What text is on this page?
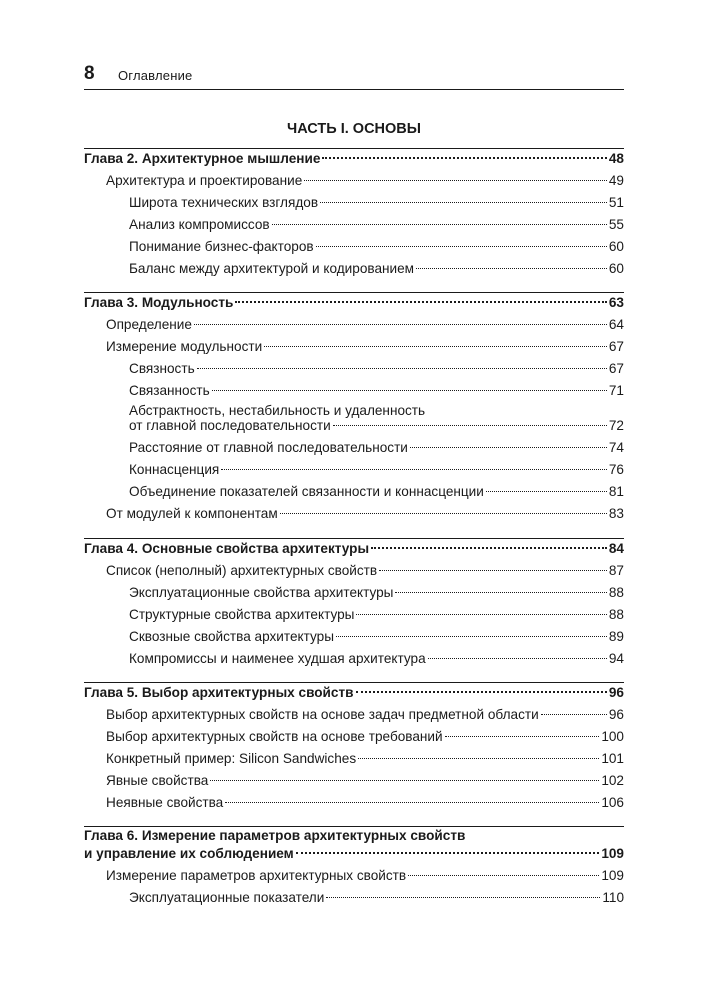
8 Оглавление
ЧАСТЬ I. ОСНОВЫ
Глава 2. Архитектурное мышление	48
Архитектура и проектирование	49
Широта технических взглядов	51
Анализ компромиссов	55
Понимание бизнес-факторов	60
Баланс между архитектурой и кодированием	60
Глава 3. Модульность	63
Определение	64
Измерение модульности	67
Связность	67
Связанность	71
Абстрактность, нестабильность и удаленность
от главной последовательности	72
Расстояние от главной последовательности	74
Коннасценция	76
Объединение показателей связанности и коннасценции	81
От модулей к компонентам	83
Глава 4. Основные свойства архитектуры	84
Список (неполный) архитектурных свойств	87
Эксплуатационные свойства архитектуры	88
Структурные свойства архитектуры	88
Сквозные свойства архитектуры	89
Компромиссы и наименее худшая архитектура	94
Глава 5. Выбор архитектурных свойств	96
Выбор архитектурных свойств на основе задач предметной области	96
Выбор архитектурных свойств на основе требований	100
Конкретный пример: Silicon Sandwiches	101
Явные свойства	102
Неявные свойства	106
Глава 6. Измерение параметров архитектурных свойств
и управление их соблюдением	109
Измерение параметров архитектурных свойств	109
Эксплуатационные показатели	110
